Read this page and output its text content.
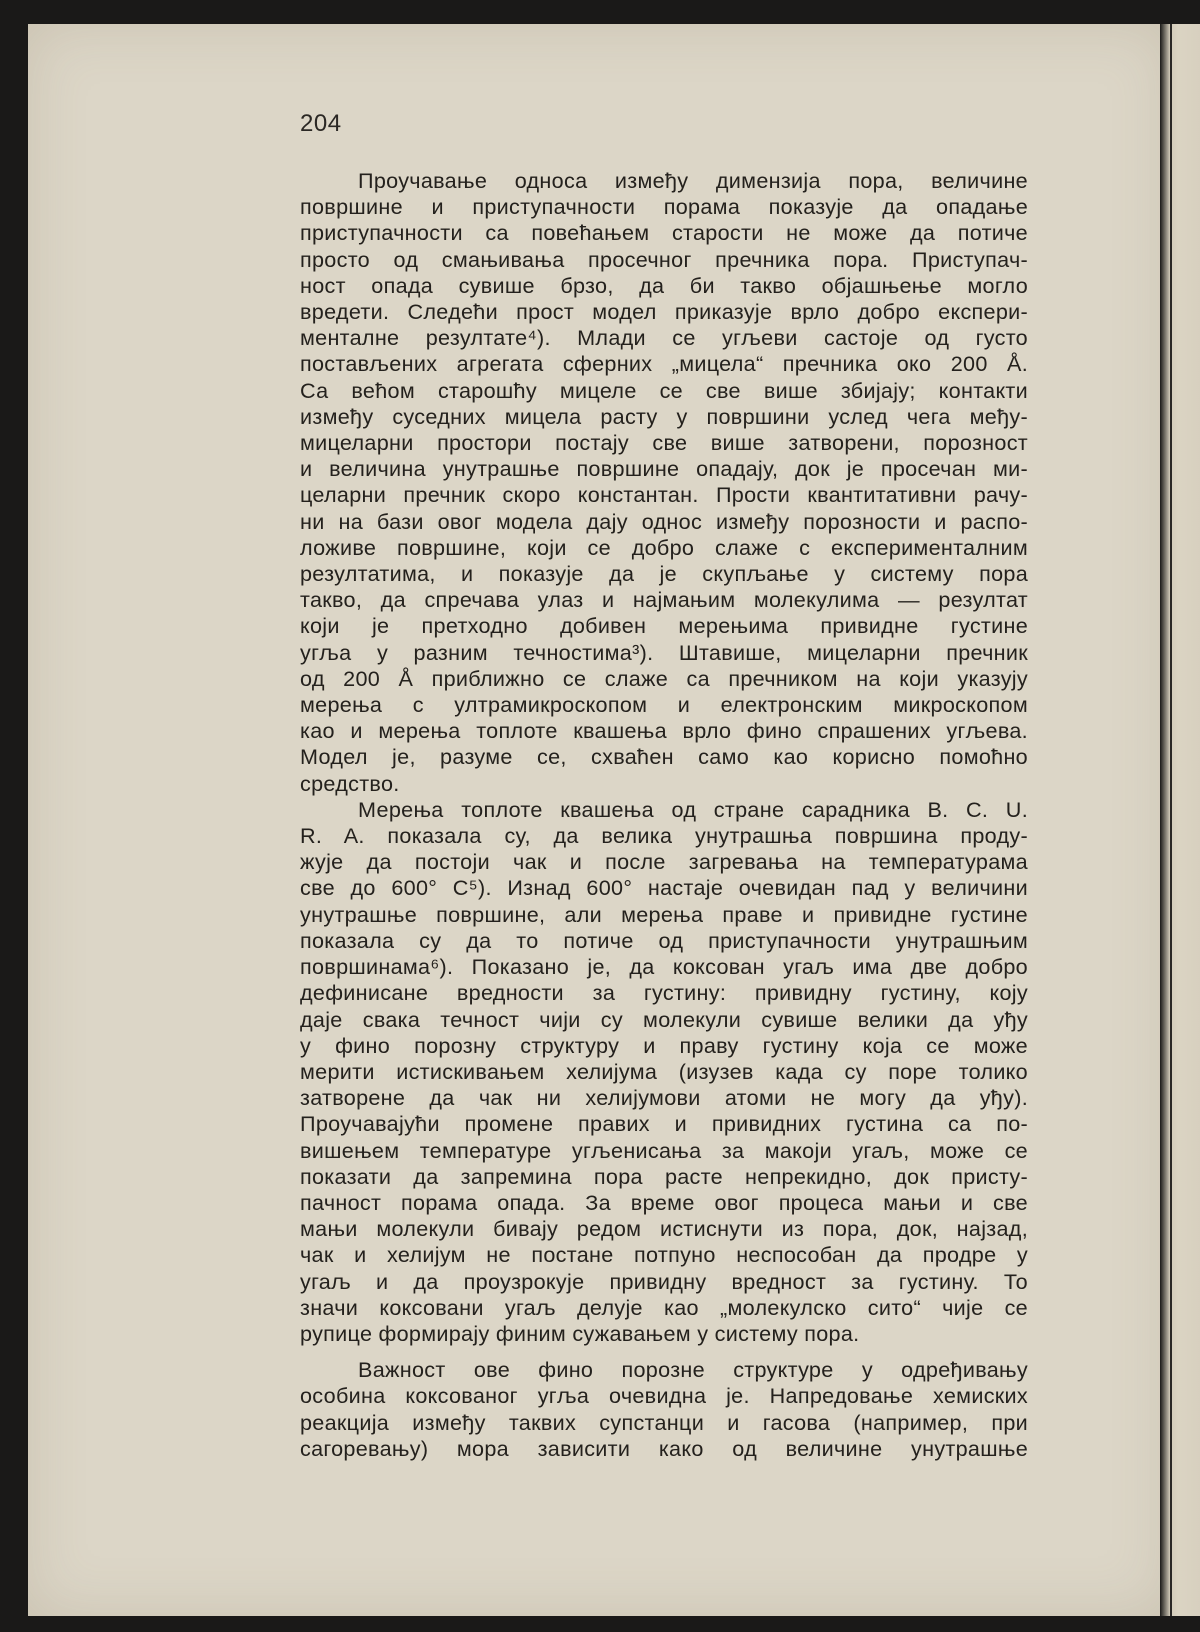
204
Проучавање односа између димензија пора, величине
површине и приступачности порама показује да опадање
приступачности са повећањем старости не може да потиче
просто од смањивања просечног пречника пора. Приступач-
ност опада сувише брзо, да би такво објашњење могло
вредети. Следећи прост модел приказује врло добро експери-
менталне резултате⁴). Млади се угљеви састоје од густо
постављених агрегата сферних „мицела“ пречника око 200 Å.
Са већом старошћу мицеле се све више збијају; контакти
између суседних мицела расту у површини услед чега међу-
мицеларни простори постају све више затворени, порозност
и величина унутрашње површине опадају, док је просечан ми-
целарни пречник скоро константан. Прости квантитативни рачу-
ни на бази овог модела дају однос између порозности и распо-
ложиве површине, који се добро слаже с експерименталним
резултатима, и показује да је скупљање у систему пора
такво, да спречава улаз и најмањим молекулима — резултат
који је претходно добивен мерењима привидне густине
угља у разним течностима³). Штавише, мицеларни пречник
од 200 Å приближно се слаже са пречником на који указују
мерења с ултрамикроскопом и електронским микроскопом
као и мерења топлоте квашења врло фино спрашених угљева.
Модел је, разуме се, схваћен само као корисно помоћно
средство.
Мерења топлоте квашења од стране сарадника B. C. U.
R. A. показала су, да велика унутрашња површина проду-
жује да постоји чак и после загревања на температурама
све до 600° C⁵). Изнад 600° настаје очевидан пад у величини
унутрашње површине, али мерења праве и привидне густине
показала су да то потиче од приступачности унутрашњим
површинама⁶). Показано је, да коксован угаљ има две добро
дефинисане вредности за густину: привидну густину, коју
даје свака течност чији су молекули сувише велики да уђу
у фино порозну структуру и праву густину која се може
мерити истискивањем хелијума (изузев када су поре толико
затворене да чак ни хелијумови атоми не могу да уђу).
Проучавајући промене правих и привидних густина са по-
вишењем температуре угљенисања за макоји угаљ, може се
показати да запремина пора расте непрекидно, док присту-
пачност порама опада. За време овог процеса мањи и све
мањи молекули бивају редом истиснути из пора, док, најзад,
чак и хелијум не постане потпуно неспособан да продре у
угаљ и да проузрокује привидну вредност за густину. То
значи коксовани угаљ делује као „молекулско сито“ чије се
рупице формирају финим сужавањем у систему пора.
Важност ове фино порозне структуре у одређивању
особина коксованог угља очевидна је. Напредовање хемиских
реакција између таквих супстанци и гасова (например, при
сагоревању) мора зависити како од величине унутрашње
